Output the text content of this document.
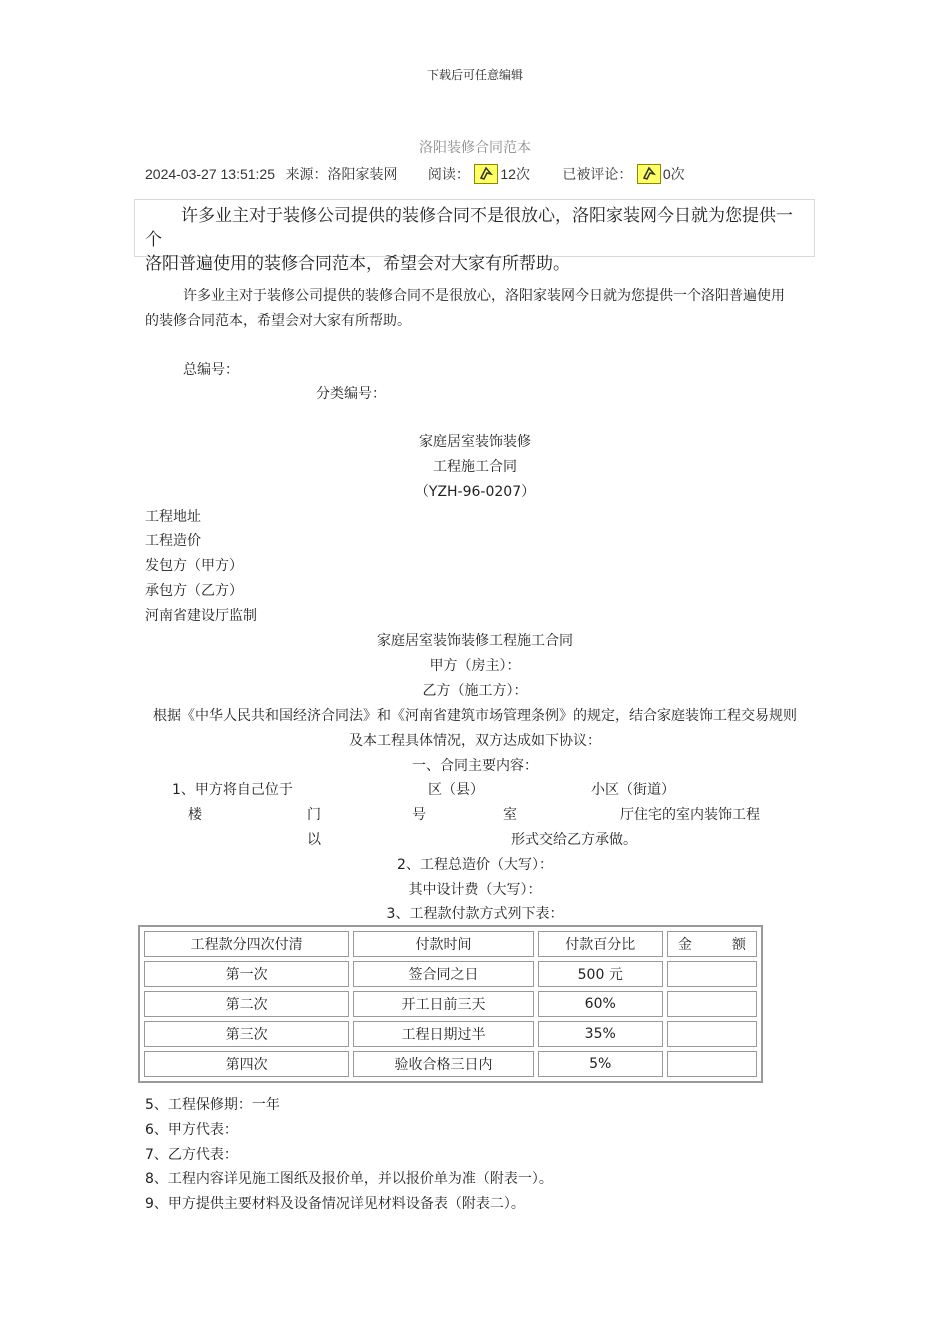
下载后可任意编辑
洛阳装修合同范本
2024-03-27 13:51:25 来源：洛阳家装网 阅读： 12次 已被评论： 0次

许多业主对于装修公司提供的装修合同不是很放心，洛阳家装网今日就为您提供一个

洛阳普遍使用的装修合同范本，希望会对大家有所帮助。

许多业主对于装修公司提供的装修合同不是很放心，洛阳家装网今日就为您提供一个洛阳普遍使用

的装修合同范本，希望会对大家有所帮助。
总编号：
分类编号：
家庭居室装饰装修
工程施工合同
（YZH-96-0207）
工程地址
工程造价
发包方（甲方）
承包方（乙方）
河南省建设厅监制
家庭居室装饰装修工程施工合同
甲方（房主）：
乙方（施工方）：
根据《中华人民共和国经济合同法》和《河南省建筑市场管理条例》的规定，结合家庭装饰工程交易规则
及本工程具体情况，双方达成如下协议：
一、合同主要内容：
1、甲方将自己位于	区（县）	小区（街道）
楼	门	号	室	厅住宅的室内装饰工程
以	形式交给乙方承做。
2、工程总造价（大写）：
其中设计费（大写）：
3、工程款付款方式列下表：
工程款分四次付清	付款时间	付款百分比	金 额

第一次	签合同之日	500 元	
第二次	开工日前三天	60%	
第三次	工程日期过半	35%	
第四次	验收合格三日内	5%	
5、工程保修期：一年
6、甲方代表：
7、乙方代表：
8、工程内容详见施工图纸及报价单，并以报价单为准（附表一）。
9、甲方提供主要材料及设备情况详见材料设备表（附表二）。
